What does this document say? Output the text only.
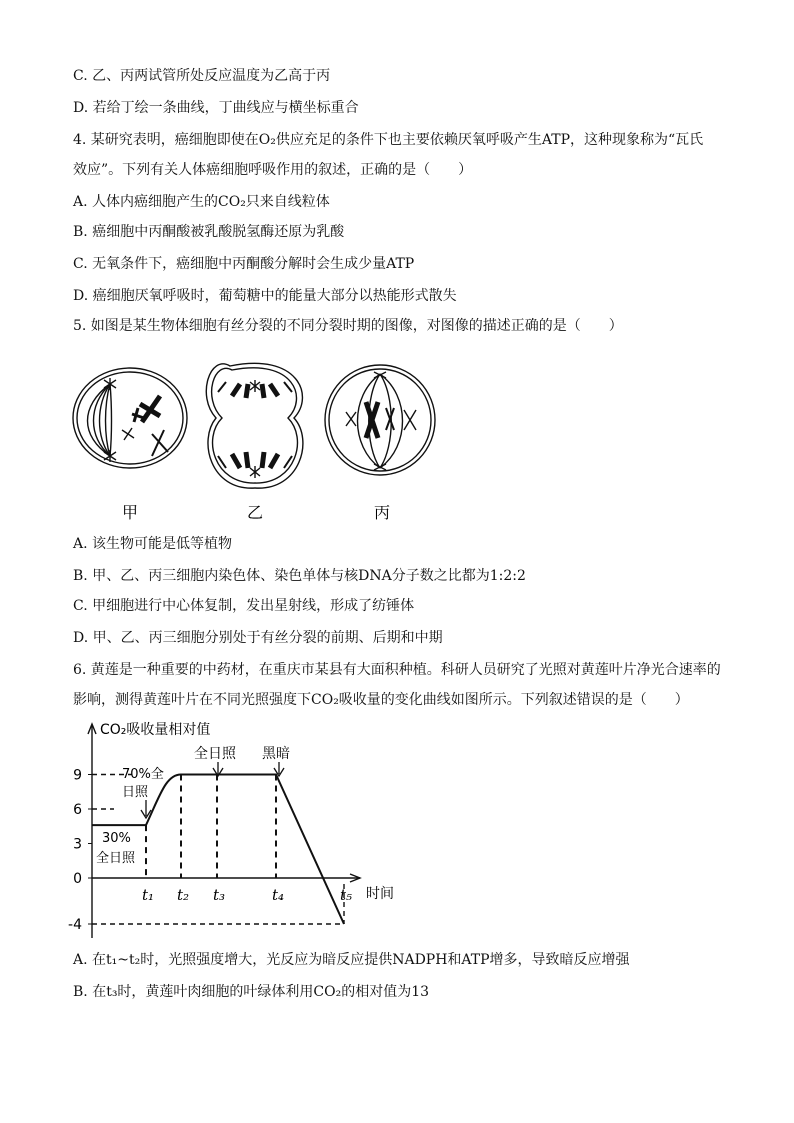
C. 乙、丙两试管所处反应温度为乙高于丙
D. 若给丁绘一条曲线，丁曲线应与横坐标重合
4. 某研究表明，癌细胞即使在O₂供应充足的条件下也主要依赖厌氧呼吸产生ATP，这种现象称为“瓦氏
效应”。下列有关人体癌细胞呼吸作用的叙述，正确的是（　　）
A. 人体内癌细胞产生的CO₂只来自线粒体
B. 癌细胞中丙酮酸被乳酸脱氢酶还原为乳酸
C. 无氧条件下，癌细胞中丙酮酸分解时会生成少量ATP
D. 癌细胞厌氧呼吸时，葡萄糖中的能量大部分以热能形式散失
5. 如图是某生物体细胞有丝分裂的不同分裂时期的图像，对图像的描述正确的是（　　）
甲	乙	丙
A. 该生物可能是低等植物
B. 甲、乙、丙三细胞内染色体、染色单体与核DNA分子数之比都为1:2:2
C. 甲细胞进行中心体复制，发出星射线，形成了纺锤体
D. 甲、乙、丙三细胞分别处于有丝分裂的前期、后期和中期
6. 黄莲是一种重要的中药材，在重庆市某县有大面积种植。科研人员研究了光照对黄莲叶片净光合速率的
影响，测得黄莲叶片在不同光照强度下CO₂吸收量的变化曲线如图所示。下列叙述错误的是（　　）
CO₂吸收量相对值
时间
9
6
3
0
-4
t₁ t₂ t₃	t₄	t₅
30%
全日照
70%全
日照
全日照 黑暗
A. 在t₁~t₂时，光照强度增大，光反应为暗反应提供NADPH和ATP增多，导致暗反应增强
B. 在t₃时，黄莲叶肉细胞的叶绿体利用CO₂的相对值为13
